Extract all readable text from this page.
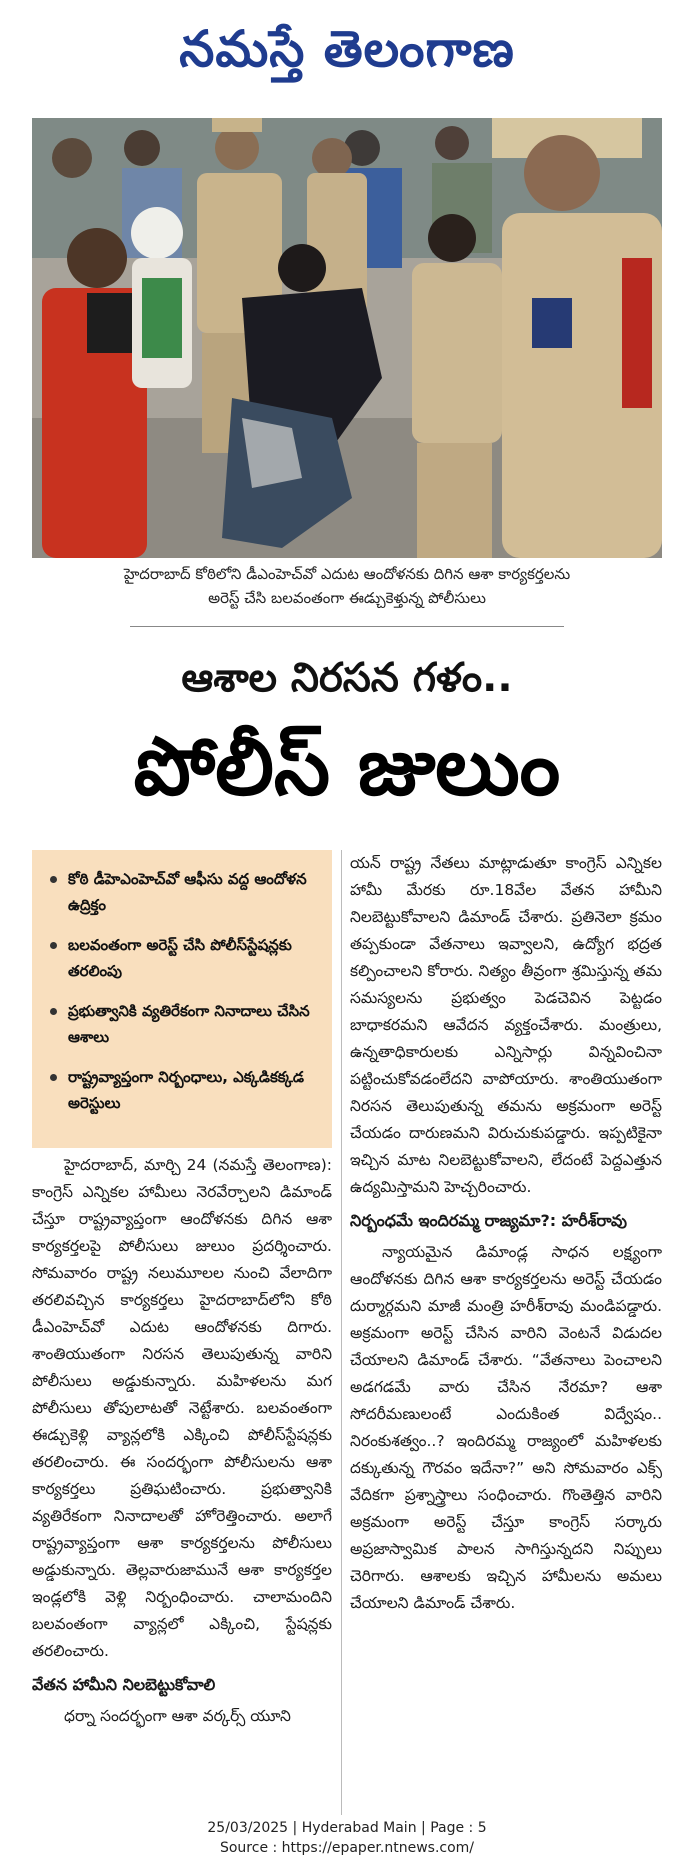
నమస్తే తెలంగాణ
హైదరాబాద్ కోఠిలోని డీఎంహెచ్‌వో ఎదుట ఆందోళనకు దిగిన ఆశా కార్యకర్తలను
అరెస్ట్ చేసి బలవంతంగా ఈడ్చుకెళ్తున్న పోలీసులు
ఆశాల నిరసన గళం..
పోలీస్ జులుం
కోఠి డీహెఎంహెచ్‌వో ఆఫీసు వద్ద ఆందోళన ఉద్రిక్తం
బలవంతంగా అరెస్ట్ చేసి పోలీస్‌స్టేషన్లకు తరలింపు
ప్రభుత్వానికి వ్యతిరేకంగా నినాదాలు చేసిన ఆశాలు
రాష్ట్రవ్యాప్తంగా నిర్బంధాలు, ఎక్కడికక్కడ అరెస్టులు

హైదరాబాద్, మార్చి 24 (నమస్తే తెలంగాణ): కాంగ్రెస్ ఎన్నికల హామీలు నెరవేర్చాలని డిమాండ్ చేస్తూ రాష్ట్రవ్యాప్తంగా ఆందోళనకు దిగిన ఆశా కార్యకర్తలపై పోలీసులు జులుం ప్రదర్శించారు. సోమవారం రాష్ట్ర నలుమూలల నుంచి వేలాదిగా తరలివచ్చిన కార్యకర్తలు హైదరాబాద్‌లోని కోఠి డీఎంహెచ్‌వో ఎదుట ఆందోళనకు దిగారు. శాంతియుతంగా నిరసన తెలుపుతున్న వారిని పోలీసులు అడ్డుకున్నారు. మహిళలను మగ పోలీసులు తోపులాటతో నెట్టేశారు. బలవంతంగా ఈడ్చుకెళ్లి వ్యాన్లలోకి ఎక్కించి పోలీస్‌స్టేషన్లకు తరలించారు. ఈ సందర్భంగా పోలీసులను ఆశా కార్యకర్తలు ప్రతిఘటించారు. ప్రభుత్వానికి వ్యతిరేకంగా నినాదాలతో హోరెత్తించారు. అలాగే రాష్ట్రవ్యాప్తంగా ఆశా కార్యకర్తలను పోలీసులు అడ్డుకున్నారు. తెల్లవారుజామునే ఆశా కార్యకర్తల ఇండ్లలోకి వెళ్లి నిర్బంధించారు. చాలామందిని బలవంతంగా వ్యాన్లలో ఎక్కించి, స్టేషన్లకు తరలించారు.

వేతన హామీని నిలబెట్టుకోవాలి

ధర్నా సందర్భంగా ఆశా వర్కర్స్ యూని

యన్ రాష్ట్ర నేతలు మాట్లాడుతూ కాంగ్రెస్ ఎన్నికల హామీ మేరకు రూ.18వేల వేతన హామీని నిలబెట్టుకోవాలని డిమాండ్ చేశారు. ప్రతినెలా క్రమం తప్పకుండా వేతనాలు ఇవ్వాలని, ఉద్యోగ భద్రత కల్పించాలని కోరారు. నిత్యం తీవ్రంగా శ్రమిస్తున్న తమ సమస్యలను ప్రభుత్వం పెడచెవిన పెట్టడం బాధాకరమని ఆవేదన వ్యక్తంచేశారు. మంత్రులు, ఉన్నతాధికారులకు ఎన్నిసార్లు విన్నవించినా పట్టించుకోవడంలేదని వాపోయారు. శాంతియుతంగా నిరసన తెలుపుతున్న తమను అక్రమంగా అరెస్ట్ చేయడం దారుణమని విరుచుకుపడ్డారు. ఇప్పటికైనా ఇచ్చిన మాట నిలబెట్టుకోవాలని, లేదంటే పెద్దఎత్తున ఉద్యమిస్తామని హెచ్చరించారు.

నిర్బంధమే ఇందిరమ్మ రాజ్యమా?: హరీశ్‌రావు

న్యాయమైన డిమాండ్ల సాధన లక్ష్యంగా ఆందోళనకు దిగిన ఆశా కార్యకర్తలను అరెస్ట్ చేయడం దుర్మార్గమని మాజీ మంత్రి హరీశ్‌రావు మండిపడ్డారు. అక్రమంగా అరెస్ట్ చేసిన వారిని వెంటనే విడుదల చేయాలని డిమాండ్ చేశారు. “వేతనాలు పెంచాలని అడగడమే వారు చేసిన నేరమా? ఆశా సోదరీమణులంటే ఎందుకింత విద్వేషం.. నిరంకుశత్వం..? ఇందిరమ్మ రాజ్యంలో మహిళలకు దక్కుతున్న గౌరవం ఇదేనా?” అని సోమవారం ఎక్స్ వేదికగా ప్రశ్నాస్త్రాలు సంధించారు. గొంతెత్తిన వారిని అక్రమంగా అరెస్ట్ చేస్తూ కాంగ్రెస్ సర్కారు అప్రజాస్వామిక పాలన సాగిస్తున్నదని నిప్పులు చెరిగారు. ఆశాలకు ఇచ్చిన హామీలను అమలు చేయాలని డిమాండ్ చేశారు.

25/03/2025 | Hyderabad Main | Page : 5
Source : https://epaper.ntnews.com/
